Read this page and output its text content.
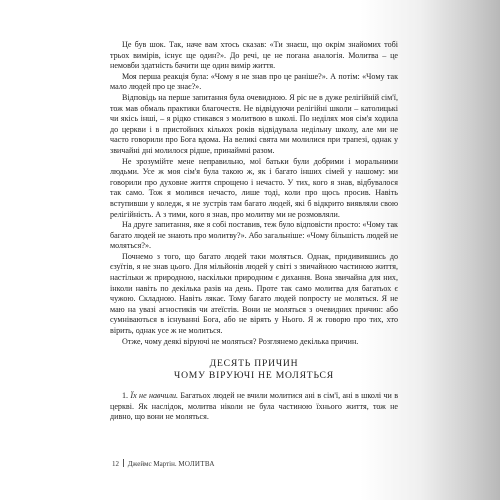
Це був шок. Так, наче вам хтось сказав: «Ти знаєш, що окрім знайомих тобі трьох вимірів, існує ще один?». До речі, це не погана аналогія. Молитва – це немовби здатність бачити ще один вимір життя.

Моя перша реакція була: «Чому я не знав про це раніше?». А потім: «Чому так мало людей про це знає?».

Відповідь на перше запитання була очевидною. Я ріс не в дуже релігійній сім'ї, тож мав обмаль практики благочестя. Не відвідуючи релігійні школи – католицькі чи якісь інші, – я рідко стикався з молитвою в школі. По неділях моя сім'я ходила до церкви і в пристойних кількох років відвідувала недільну школу, але ми не часто говорили про Бога вдома. На великі свята ми молилися при трапезі, однак у звичайні дні молилося рідше, принаймні разом.

Не зрозумійте мене неправильно, мої батьки були добрими і моральними людьми. Усе ж моя сім'я була такою ж, як і багато інших сімей у нашому: ми говорили про духовне життя спрощено і нечасто. У тих, кого я знав, відбувалося так само. Тож я молився нечасто, лише тоді, коли про щось просив. Навіть вступивши у коледж, я не зустрів там багато людей, які б відкрито виявляли свою релігійність. А з тими, кого я знав, про молитву ми не розмовляли.

На друге запитання, яке я собі поставив, теж було відповісти просто: «Чому так багато людей не знають про молитву?». Або загальніше: «Чому більшість людей не моляться?».

Почнемо з того, що багато людей таки моляться. Однак, придивившись до єзуїтів, я не знав цього. Для мільйонів людей у світі з звичайною частиною життя, настільки ж природною, наскільки природним є дихання. Вона звичайна для них, інколи навіть по декілька разів на день. Проте так само молитва для багатьох є чужою. Складною. Навіть лякає. Тому багато людей попросту не моляться. Я не маю на увазі агностиків чи атеїстів. Вони не моляться з очевидних причин: або сумніваються в існуванні Бога, або не вірять у Нього. Я ж говорю про тих, хто вірить, однак усе ж не молиться.

Отже, чому деякі віруючі не моляться? Розглянемо декілька причин.

ДЕСЯТЬ ПРИЧИН
ЧОМУ ВІРУЮЧІ НЕ МОЛЯТЬСЯ

1. Їх не навчили. Багатьох людей не вчили молитися ані в сім'ї, ані в школі чи в церкві. Як наслідок, молитва ніколи не була частиною їхнього життя, тож не дивно, що вони не моляться.

12 Джеймс Мартін. МОЛИТВА
